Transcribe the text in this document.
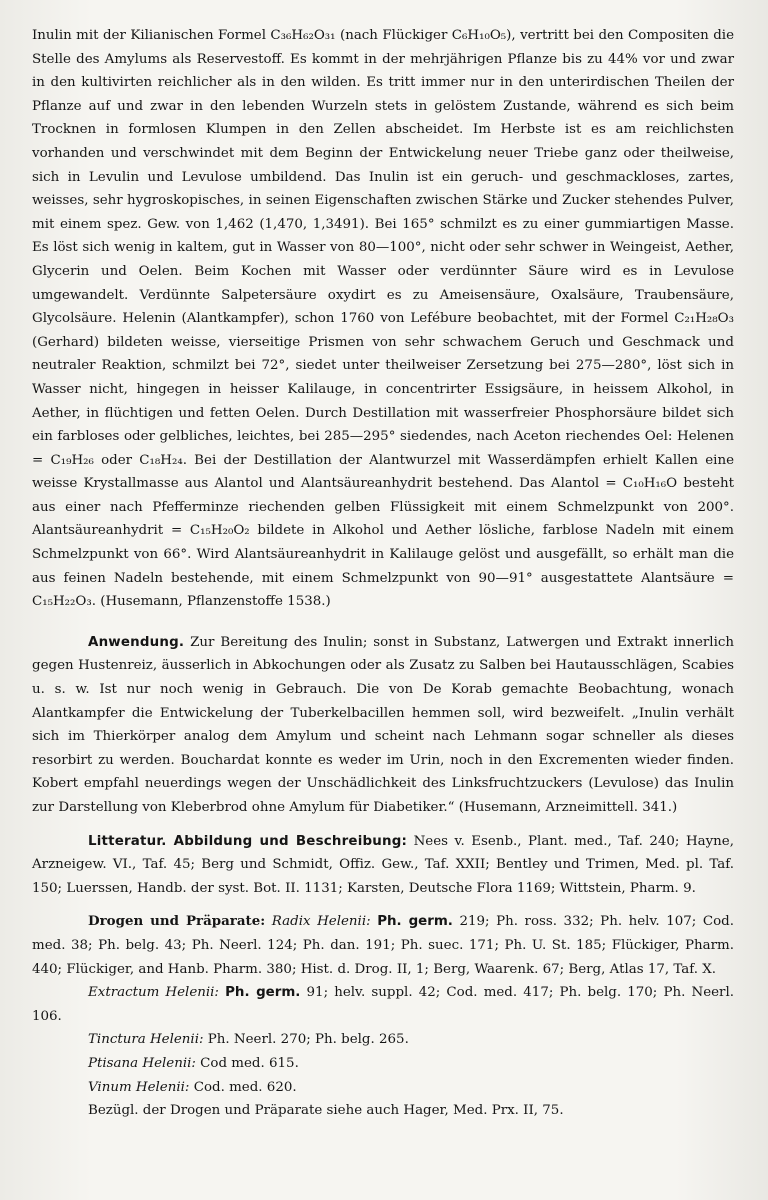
Inulin mit der Kilianischen Formel C₃₆H₆₂O₃₁ (nach Flückiger C₆H₁₀O₅), vertritt bei den Compositen die Stelle des Amylums als Reservestoff. Es kommt in der mehrjährigen Pflanze bis zu 44% vor und zwar in den kultivirten reichlicher als in den wilden. Es tritt immer nur in den unterirdischen Theilen der Pflanze auf und zwar in den lebenden Wurzeln stets in gelöstem Zustande, während es sich beim Trocknen in formlosen Klumpen in den Zellen abscheidet. Im Herbste ist es am reichlichsten vorhanden und verschwindet mit dem Beginn der Entwickelung neuer Triebe ganz oder theilweise, sich in Levulin und Levulose umbildend. Das Inulin ist ein geruch- und geschmackloses, zartes, weisses, sehr hygroskopisches, in seinen Eigenschaften zwischen Stärke und Zucker stehendes Pulver, mit einem spez. Gew. von 1,462 (1,470, 1,3491). Bei 165° schmilzt es zu einer gummiartigen Masse. Es löst sich wenig in kaltem, gut in Wasser von 80—100°, nicht oder sehr schwer in Weingeist, Aether, Glycerin und Oelen. Beim Kochen mit Wasser oder verdünnter Säure wird es in Levulose umgewandelt. Verdünnte Salpetersäure oxydirt es zu Ameisensäure, Oxalsäure, Traubensäure, Glycolsäure. Helenin (Alantkampfer), schon 1760 von Lefébure beobachtet, mit der Formel C₂₁H₂₈O₃ (Gerhard) bildeten weisse, vierseitige Prismen von sehr schwachem Geruch und Geschmack und neutraler Reaktion, schmilzt bei 72°, siedet unter theilweiser Zersetzung bei 275—280°, löst sich in Wasser nicht, hingegen in heisser Kalilauge, in concentrirter Essigsäure, in heissem Alkohol, in Aether, in flüchtigen und fetten Oelen. Durch Destillation mit wasserfreier Phosphorsäure bildet sich ein farbloses oder gelbliches, leichtes, bei 285—295° siedendes, nach Aceton riechendes Oel: Helenen = C₁₉H₂₆ oder C₁₈H₂₄. Bei der Destillation der Alantwurzel mit Wasserdämpfen erhielt Kallen eine weisse Krystallmasse aus Alantol und Alantsäureanhydrit bestehend. Das Alantol = C₁₀H₁₆O besteht aus einer nach Pfefferminze riechenden gelben Flüssigkeit mit einem Schmelzpunkt von 200°. Alantsäureanhydrit = C₁₅H₂₀O₂ bildete in Alkohol und Aether lösliche, farblose Nadeln mit einem Schmelzpunkt von 66°. Wird Alantsäureanhydrit in Kalilauge gelöst und ausgefällt, so erhält man die aus feinen Nadeln bestehende, mit einem Schmelzpunkt von 90—91° ausgestattete Alantsäure = C₁₅H₂₂O₃. (Husemann, Pflanzenstoffe 1538.)

Anwendung. Zur Bereitung des Inulin; sonst in Substanz, Latwergen und Extrakt innerlich gegen Hustenreiz, äusserlich in Abkochungen oder als Zusatz zu Salben bei Hautausschlägen, Scabies u. s. w. Ist nur noch wenig in Gebrauch. Die von De Korab gemachte Beobachtung, wonach Alantkampfer die Entwickelung der Tuberkelbacillen hemmen soll, wird bezweifelt. „Inulin verhält sich im Thierkörper analog dem Amylum und scheint nach Lehmann sogar schneller als dieses resorbirt zu werden. Bouchardat konnte es weder im Urin, noch in den Excrementen wieder finden. Kobert empfahl neuerdings wegen der Unschädlichkeit des Linksfruchtzuckers (Levulose) das Inulin zur Darstellung von Kleberbrod ohne Amylum für Diabetiker.“ (Husemann, Arzneimittell. 341.)

Litteratur. Abbildung und Beschreibung: Nees v. Esenb., Plant. med., Taf. 240; Hayne, Arzneigew. VI., Taf. 45; Berg und Schmidt, Offiz. Gew., Taf. XXII; Bentley und Trimen, Med. pl. Taf. 150; Luerssen, Handb. der syst. Bot. II. 1131; Karsten, Deutsche Flora 1169; Wittstein, Pharm. 9.

Drogen und Präparate: Radix Helenii: Ph. germ. 219; Ph. ross. 332; Ph. helv. 107; Cod. med. 38; Ph. belg. 43; Ph. Neerl. 124; Ph. dan. 191; Ph. suec. 171; Ph. U. St. 185; Flückiger, Pharm. 440; Flückiger, and Hanb. Pharm. 380; Hist. d. Drog. II, 1; Berg, Waarenk. 67; Berg, Atlas 17, Taf. X.

Extractum Helenii: Ph. germ. 91; helv. suppl. 42; Cod. med. 417; Ph. belg. 170; Ph. Neerl. 106.

Tinctura Helenii: Ph. Neerl. 270; Ph. belg. 265.
Ptisana Helenii: Cod med. 615.
Vinum Helenii: Cod. med. 620.
Bezügl. der Drogen und Präparate siehe auch Hager, Med. Prx. II, 75.
